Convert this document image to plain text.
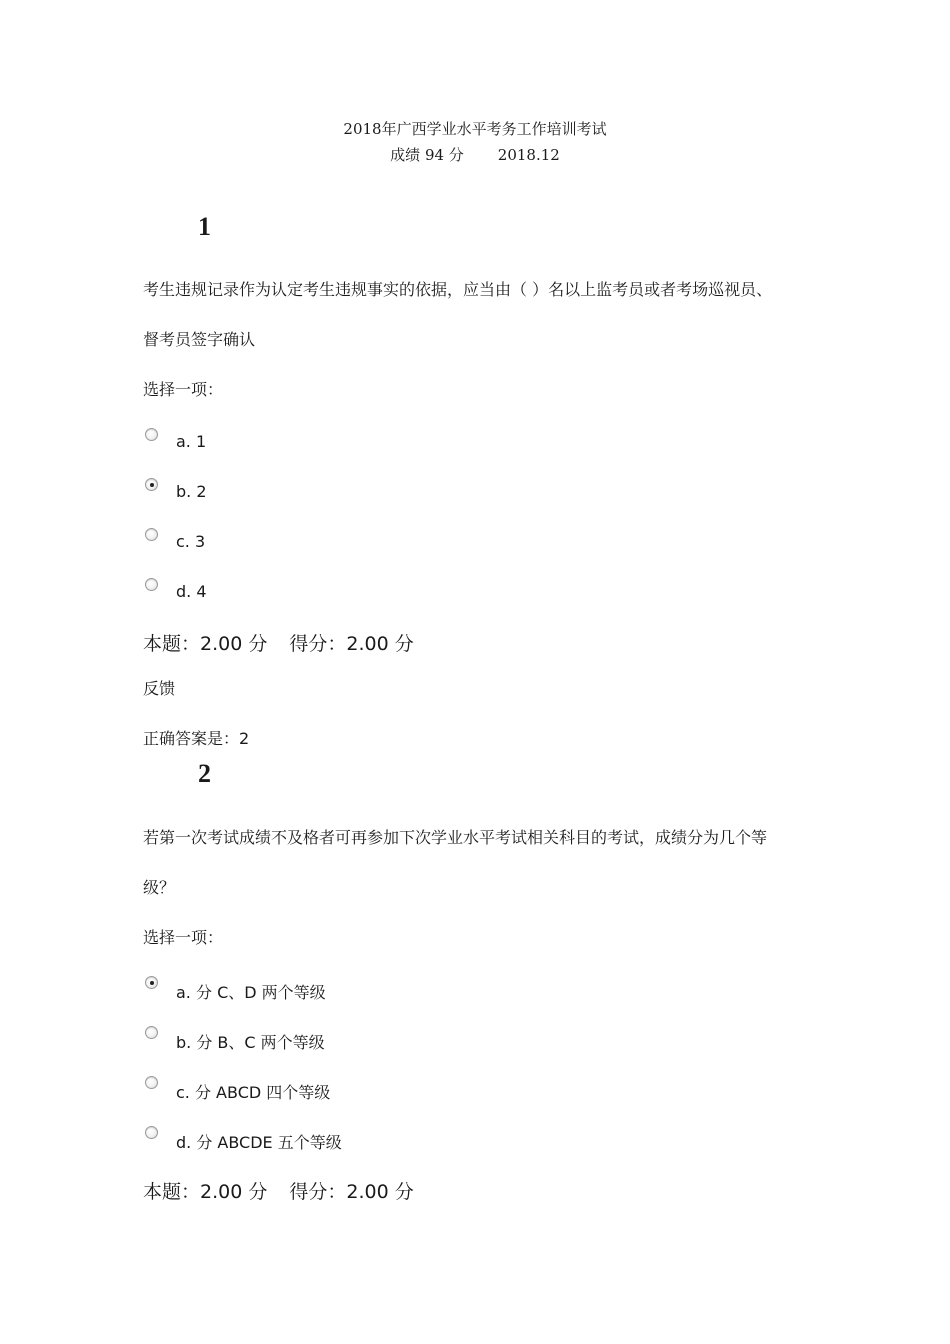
2018年广西学业水平考务工作培训考试
成绩 94 分 2018.12
1
考生违规记录作为认定考生违规事实的依据，应当由（ ）名以上监考员或者考场巡视员、
督考员签字确认
选择一项：
a. 1
b. 2
c. 3
d. 4
本题：2.00 分 得分：2.00 分
反馈
正确答案是：2
2
若第一次考试成绩不及格者可再参加下次学业水平考试相关科目的考试，成绩分为几个等
级？
选择一项：
a. 分 C、D 两个等级
b. 分 B、C 两个等级
c. 分 ABCD 四个等级
d. 分 ABCDE 五个等级
本题：2.00 分 得分：2.00 分
